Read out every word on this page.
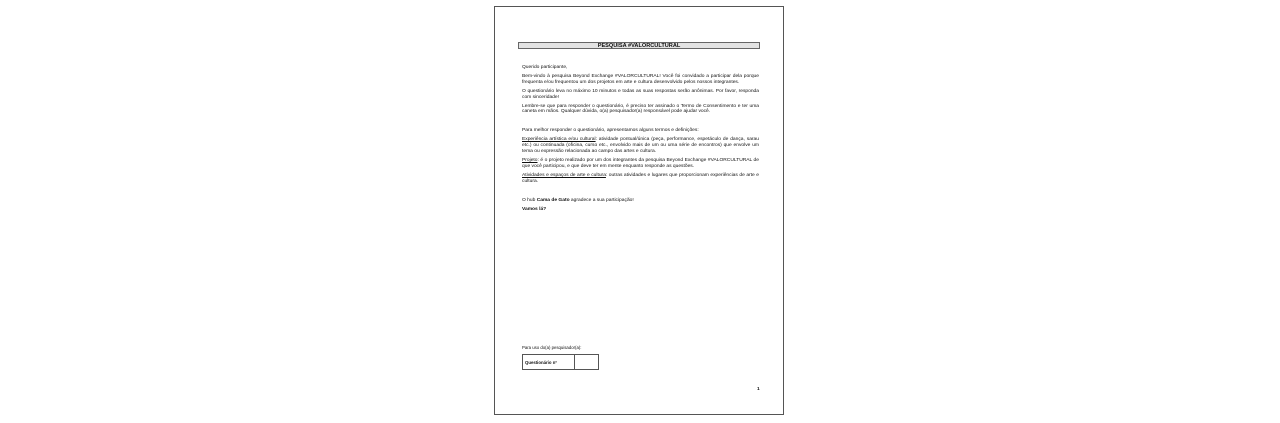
PESQUISA #VALORCULTURAL

Querido participante,

Bem-vindo à pesquisa Beyond Exchange #VALORCULTURAL! Você foi convidado a participar dela porque frequenta e/ou frequentou um dos projetos em arte e cultura desenvolvido pelos nossos integrantes.

O questionário leva no máximo 10 minutos e todas as suas respostas serão anônimas. Por favor, responda com sinceridade!

Lembre-se que para responder o questionário, é preciso ter assinado o Termo de Consentimento e ter uma caneta em mãos. Qualquer dúvida, o(a) pesquisador(a) responsável pode ajudar você.

Para melhor responder o questionário, apresentamos alguns termos e definições:

Experiência artística e/ou cultural: atividade pontual/única (peça, performance, espetáculo de dança, sarau etc.) ou continuada (oficina, curso etc., envolvido mais de um ou uma série de encontros) que envolve um tema ou expressão relacionada ao campo das artes e cultura.

Projeto: é o projeto realizado por um dos integrantes da pesquisa Beyond Exchange #VALORCULTURAL de que você participou, e que deve ter em mente enquanto responde as questões.

Atividades e espaços de arte e cultura: outras atividades e lugares que proporcionam experiências de arte e cultura.

O hub Cama de Gato agradece a sua participação!

Vamos lá?

Para uso do(a) pesquisador(a):
Questionário nº	
1
